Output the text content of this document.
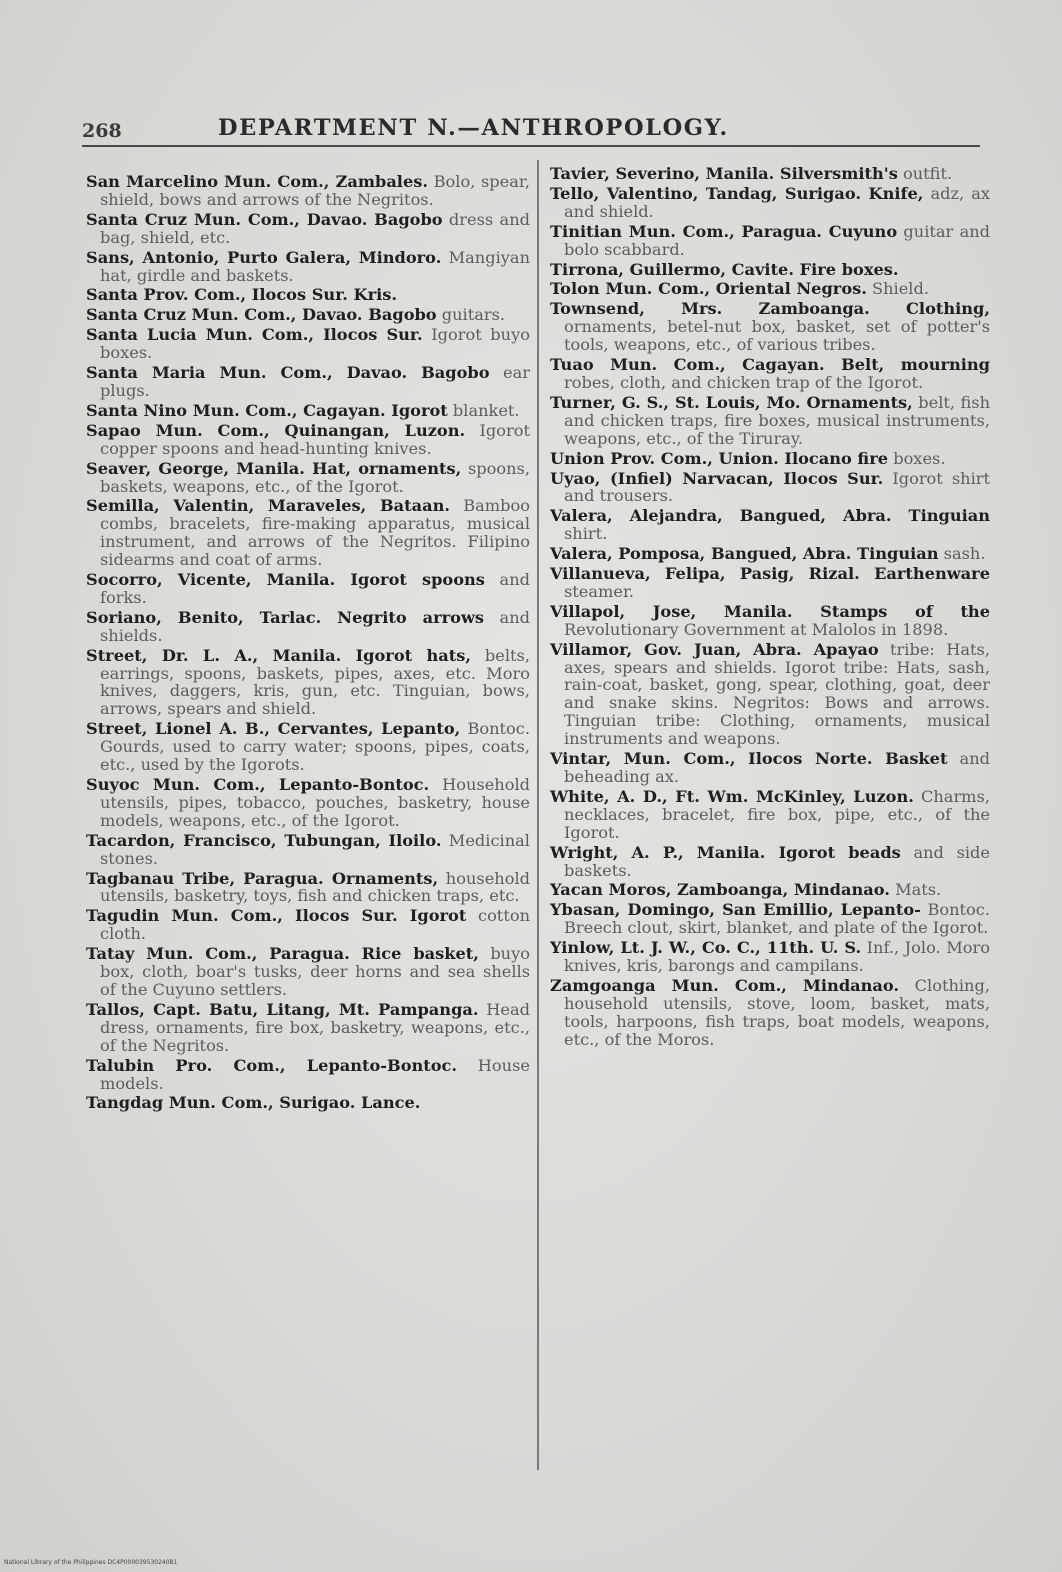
268	DEPARTMENT N.—ANTHROPOLOGY.

San Marcelino Mun. Com., Zambales. Bolo, spear, shield, bows and arrows of the Negritos.

Santa Cruz Mun. Com., Davao. Bagobo dress and bag, shield, etc.

Sans, Antonio, Purto Galera, Mindoro. Mangiyan hat, girdle and baskets.

Santa Prov. Com., Ilocos Sur. Kris.

Santa Cruz Mun. Com., Davao. Bagobo guitars.

Santa Lucia Mun. Com., Ilocos Sur. Igorot buyo boxes.

Santa Maria Mun. Com., Davao. Bagobo ear plugs.

Santa Nino Mun. Com., Cagayan. Igorot blanket.

Sapao Mun. Com., Quinangan, Luzon. Igorot copper spoons and head-hunting knives.

Seaver, George, Manila. Hat, ornaments, spoons, baskets, weapons, etc., of the Igorot.

Semilla, Valentin, Maraveles, Bataan. Bamboo combs, bracelets, fire-making apparatus, musical instrument, and arrows of the Negritos. Filipino sidearms and coat of arms.

Socorro, Vicente, Manila. Igorot spoons and forks.

Soriano, Benito, Tarlac. Negrito arrows and shields.

Street, Dr. L. A., Manila. Igorot hats, belts, earrings, spoons, baskets, pipes, axes, etc. Moro knives, daggers, kris, gun, etc. Tinguian, bows, arrows, spears and shield.

Street, Lionel A. B., Cervantes, Lepanto, Bontoc. Gourds, used to carry water; spoons, pipes, coats, etc., used by the Igorots.

Suyoc Mun. Com., Lepanto-Bontoc. Household utensils, pipes, tobacco, pouches, basketry, house models, weapons, etc., of the Igorot.

Tacardon, Francisco, Tubungan, Iloilo. Medicinal stones.

Tagbanau Tribe, Paragua. Ornaments, household utensils, basketry, toys, fish and chicken traps, etc.

Tagudin Mun. Com., Ilocos Sur. Igorot cotton cloth.

Tatay Mun. Com., Paragua. Rice basket, buyo box, cloth, boar's tusks, deer horns and sea shells of the Cuyuno settlers.

Tallos, Capt. Batu, Litang, Mt. Pampanga. Head dress, ornaments, fire box, basketry, weapons, etc., of the Negritos.

Talubin Pro. Com., Lepanto-Bontoc. House models.

Tangdag Mun. Com., Surigao. Lance.

Tavier, Severino, Manila. Silversmith's outfit.

Tello, Valentino, Tandag, Surigao. Knife, adz, ax and shield.

Tinitian Mun. Com., Paragua. Cuyuno guitar and bolo scabbard.

Tirrona, Guillermo, Cavite. Fire boxes.

Tolon Mun. Com., Oriental Negros. Shield.

Townsend, Mrs. Zamboanga. Clothing, ornaments, betel-nut box, basket, set of potter's tools, weapons, etc., of various tribes.

Tuao Mun. Com., Cagayan. Belt, mourning robes, cloth, and chicken trap of the Igorot.

Turner, G. S., St. Louis, Mo. Ornaments, belt, fish and chicken traps, fire boxes, musical instruments, weapons, etc., of the Tiruray.

Union Prov. Com., Union. Ilocano fire boxes.

Uyao, (Infiel) Narvacan, Ilocos Sur. Igorot shirt and trousers.

Valera, Alejandra, Bangued, Abra. Tinguian shirt.

Valera, Pomposa, Bangued, Abra. Tinguian sash.

Villanueva, Felipa, Pasig, Rizal. Earthenware steamer.

Villapol, Jose, Manila. Stamps of the Revolutionary Government at Malolos in 1898.

Villamor, Gov. Juan, Abra. Apayao tribe: Hats, axes, spears and shields. Igorot tribe: Hats, sash, rain-coat, basket, gong, spear, clothing, goat, deer and snake skins. Negritos: Bows and arrows. Tinguian tribe: Clothing, ornaments, musical instruments and weapons.

Vintar, Mun. Com., Ilocos Norte. Basket and beheading ax.

White, A. D., Ft. Wm. McKinley, Luzon. Charms, necklaces, bracelet, fire box, pipe, etc., of the Igorot.

Wright, A. P., Manila. Igorot beads and side baskets.

Yacan Moros, Zamboanga, Mindanao. Mats.

Ybasan, Domingo, San Emillio, Lepanto- Bontoc. Breech clout, skirt, blanket, and plate of the Igorot.

Yinlow, Lt. J. W., Co. C., 11th. U. S. Inf., Jolo. Moro knives, kris, barongs and campilans.

Zamgoanga Mun. Com., Mindanao. Clothing, household utensils, stove, loom, basket, mats, tools, harpoons, fish traps, boat models, weapons, etc., of the Moros.

National Library of the Philippines DC4P000039530240B1
